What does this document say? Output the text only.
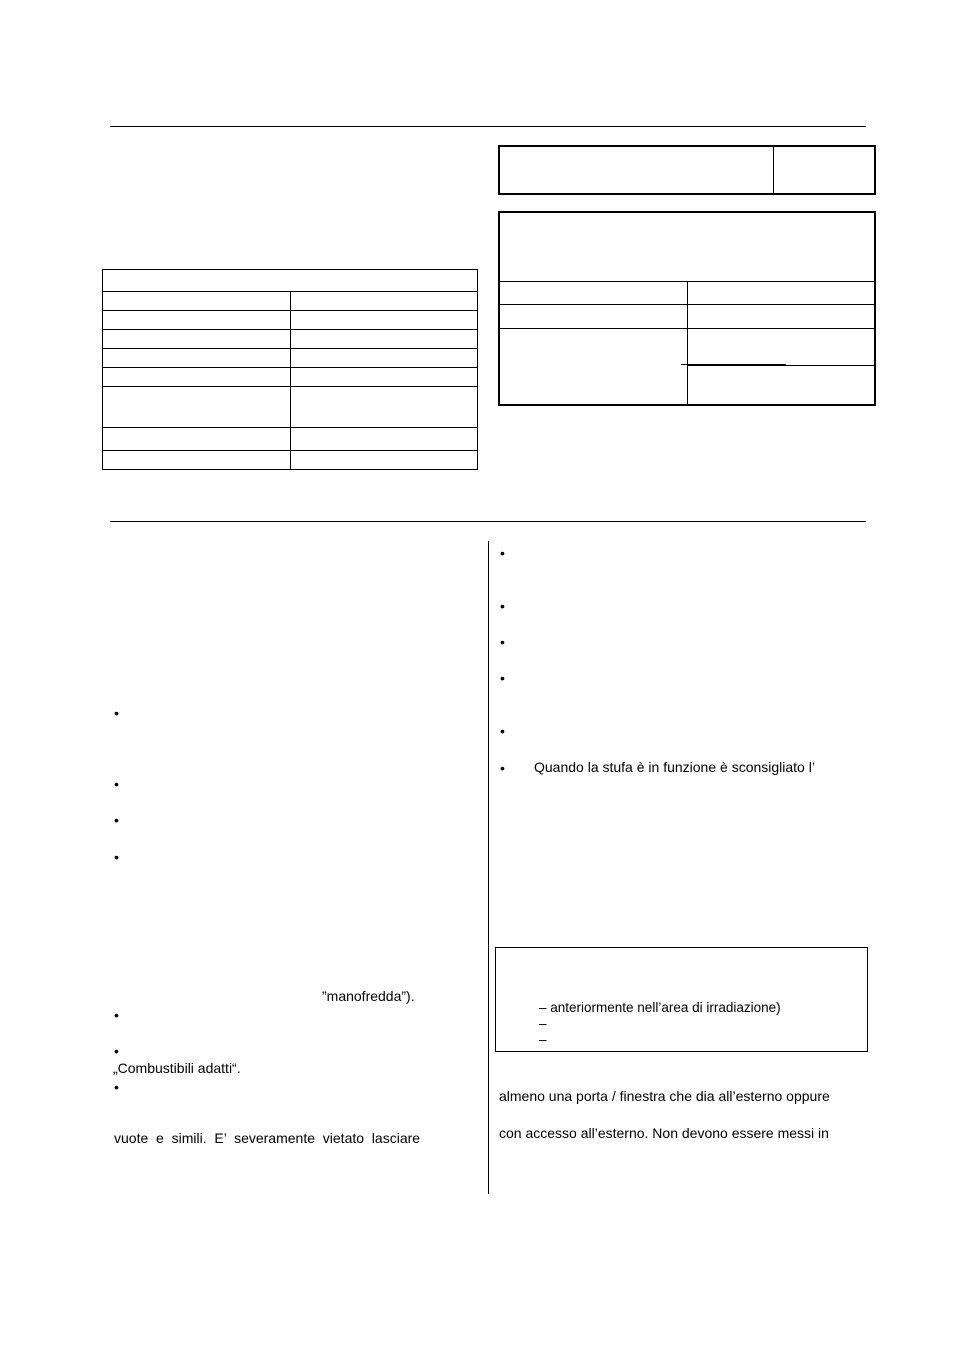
•
•
•
•
”manofredda”).
•
•
„Combustibili adatti“.
•
vuote  e  simili.  E’  severamente  vietato  lasciare
•
•
•
•
•
• Quando la stufa è in funzione è sconsigliato l’
– anteriormente nell’area di irradiazione)
–
–
almeno una porta / finestra che dia all’esterno oppure
con accesso all’esterno. Non devono essere messi in
